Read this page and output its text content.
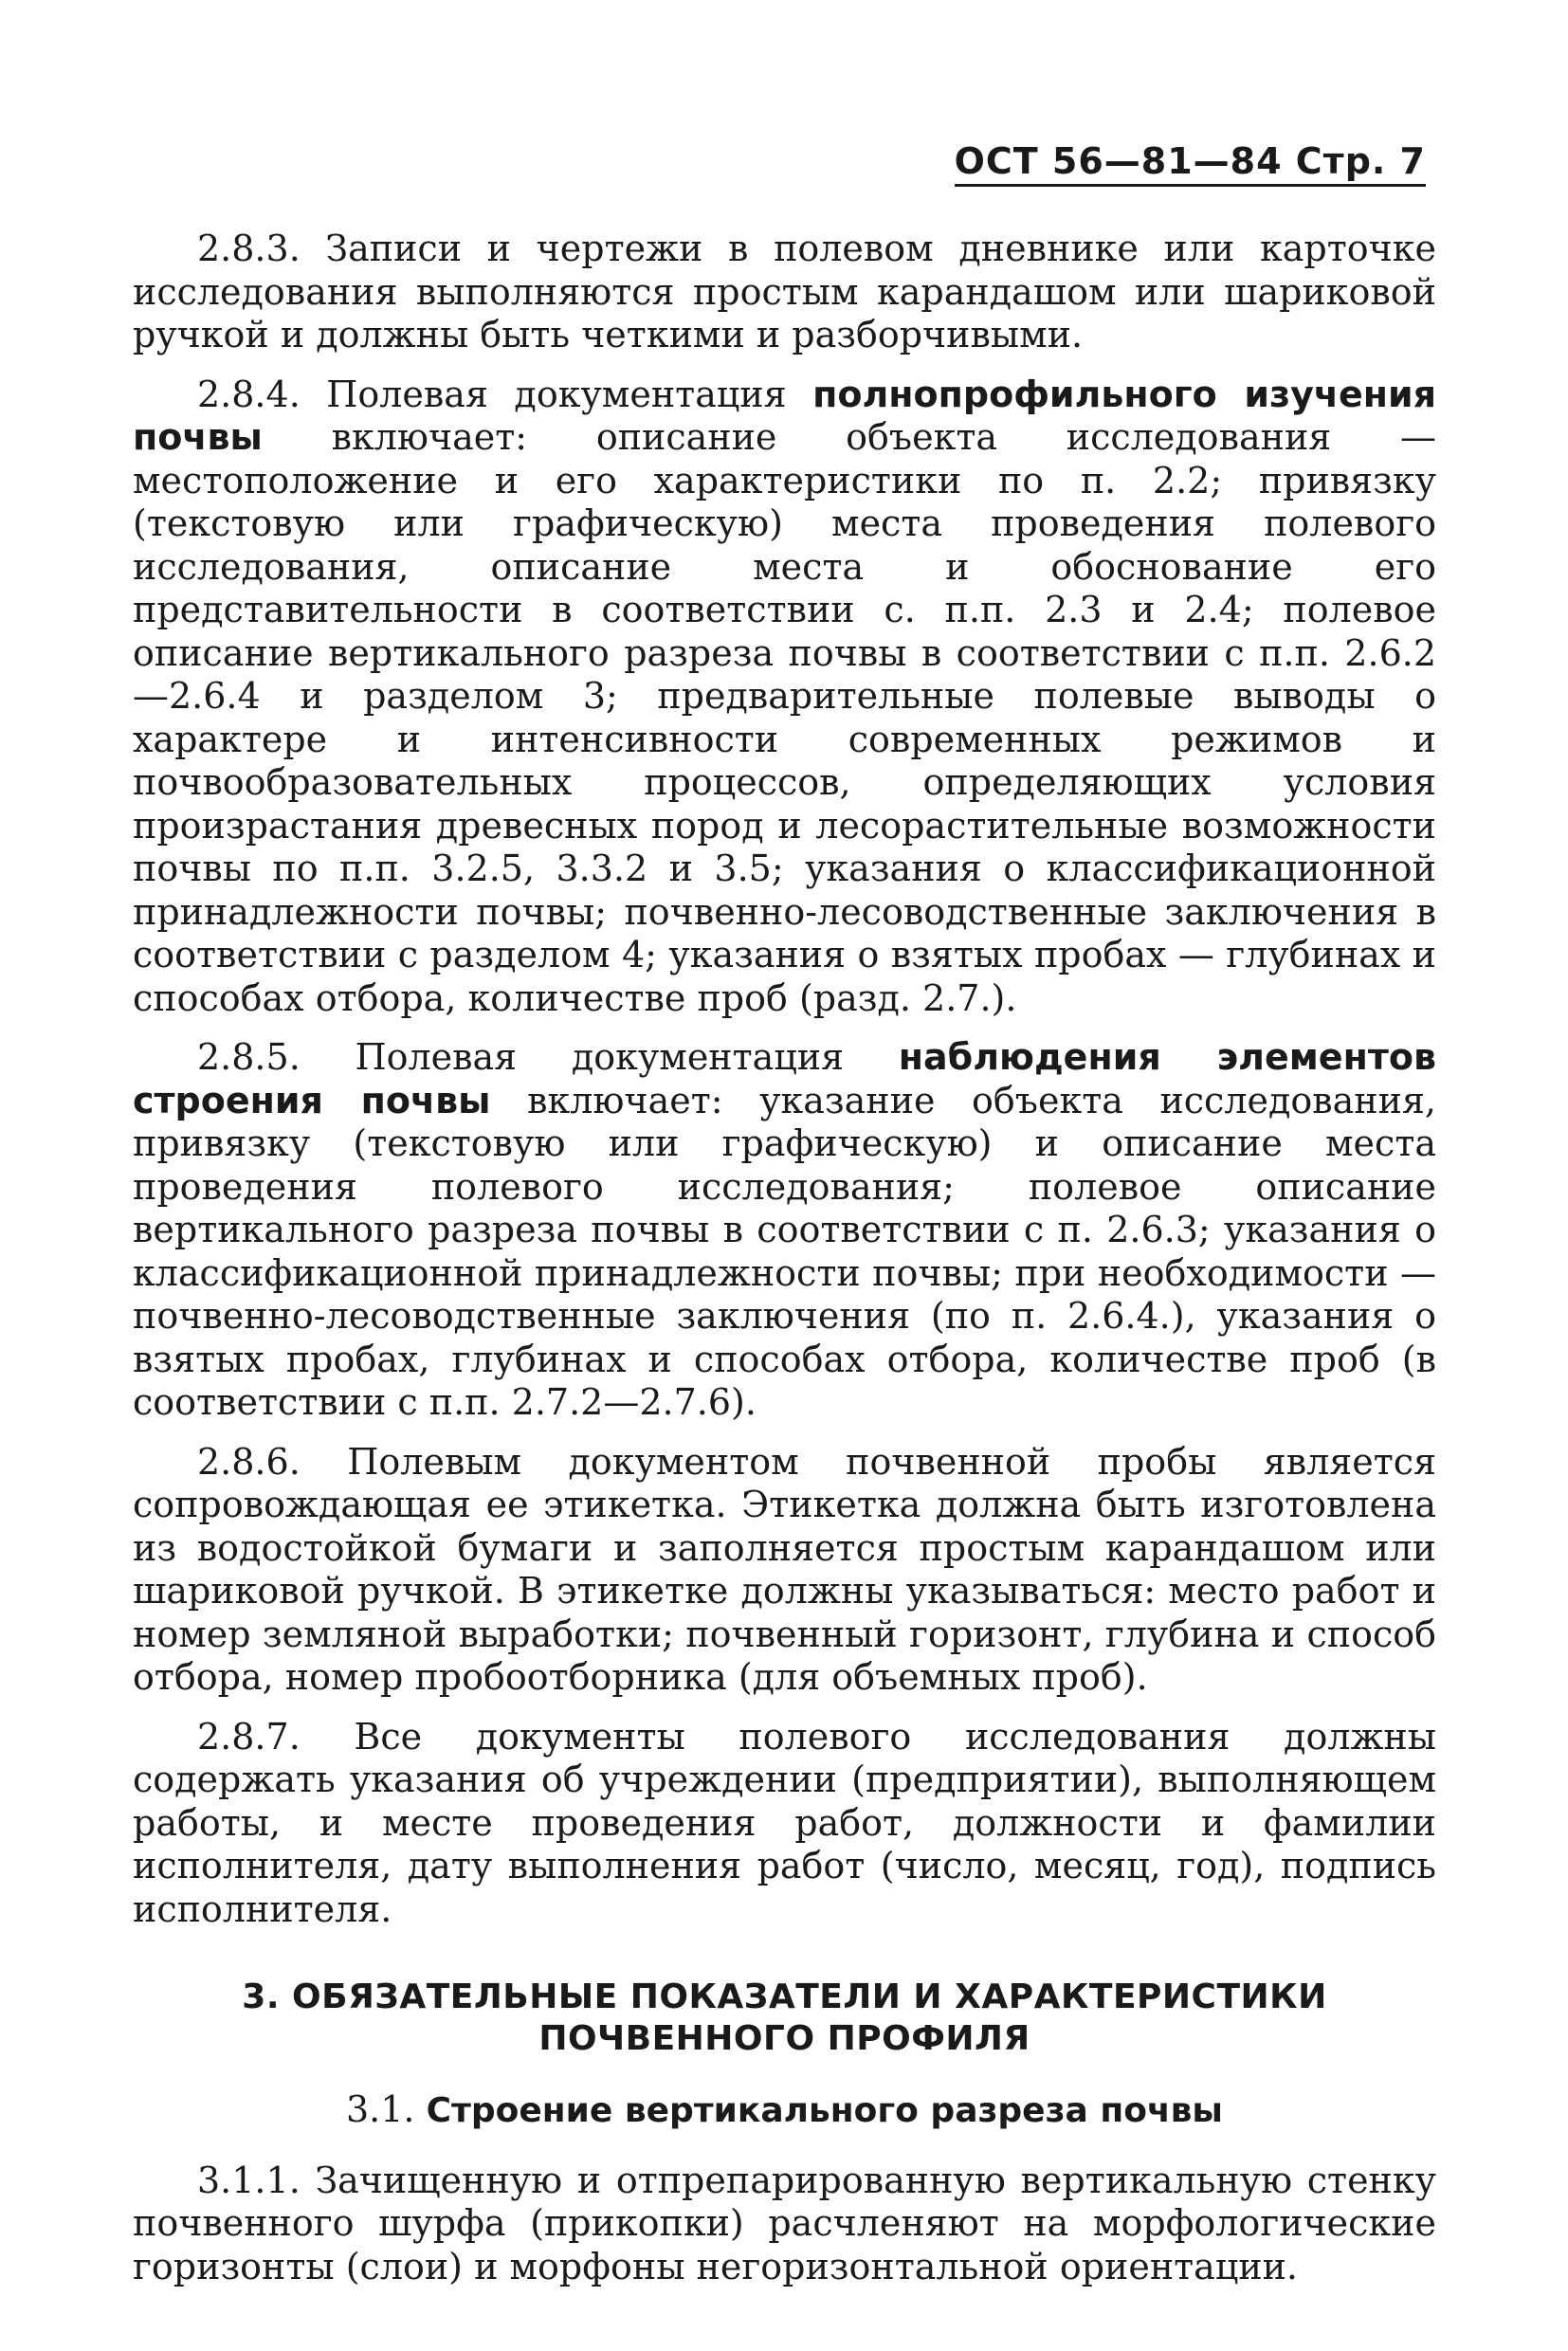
ОСТ 56—81—84 Стр. 7

2.8.3. Записи и чертежи в полевом дневнике или карточке исследования выполняются простым карандашом или шариковой ручкой и должны быть четкими и разборчивыми.

2.8.4. Полевая документация полнопрофильного изучения почвы включает: описание объекта исследования — местоположение и его характеристики по п. 2.2; привязку (текстовую или графическую) места проведения полевого исследования, описание места и обоснование его представительности в соответствии с. п.п. 2.3 и 2.4; полевое описание вертикального разреза почвы в соответствии с п.п. 2.6.2—2.6.4 и разделом 3; предварительные полевые выводы о характере и интенсивности современных режимов и почвообразовательных процессов, определяющих условия произрастания древесных пород и лесорастительные возможности почвы по п.п. 3.2.5, 3.3.2 и 3.5; указания о классификационной принадлежности почвы; почвенно-лесоводственные заключения в соответствии с разделом 4; указания о взятых пробах — глубинах и способах отбора, количестве проб (разд. 2.7.).

2.8.5. Полевая документация наблюдения элементов строения почвы включает: указание объекта исследования, привязку (текстовую или графическую) и описание места проведения полевого исследования; полевое описание вертикального разреза почвы в соответствии с п. 2.6.3; указания о классификационной принадлежности почвы; при необходимости — почвенно-лесоводственные заключения (по п. 2.6.4.), указания о взятых пробах, глубинах и способах отбора, количестве проб (в соответствии с п.п. 2.7.2—2.7.6).

2.8.6. Полевым документом почвенной пробы является сопровождающая ее этикетка. Этикетка должна быть изготовлена из водостойкой бумаги и заполняется простым карандашом или шариковой ручкой. В этикетке должны указываться: место работ и номер земляной выработки; почвенный горизонт, глубина и способ отбора, номер пробоотборника (для объемных проб).

2.8.7. Все документы полевого исследования должны содержать указания об учреждении (предприятии), выполняющем работы, и месте проведения работ, должности и фамилии исполнителя, дату выполнения работ (число, месяц, год), подпись исполнителя.

3. ОБЯЗАТЕЛЬНЫЕ ПОКАЗАТЕЛИ И ХАРАКТЕРИСТИКИ
ПОЧВЕННОГО ПРОФИЛЯ
3.1. Строение вертикального разреза почвы

3.1.1. Зачищенную и отпрепарированную вертикальную стенку почвенного шурфа (прикопки) расчленяют на морфологические горизонты (слои) и морфоны негоризонтальной ориентации.
